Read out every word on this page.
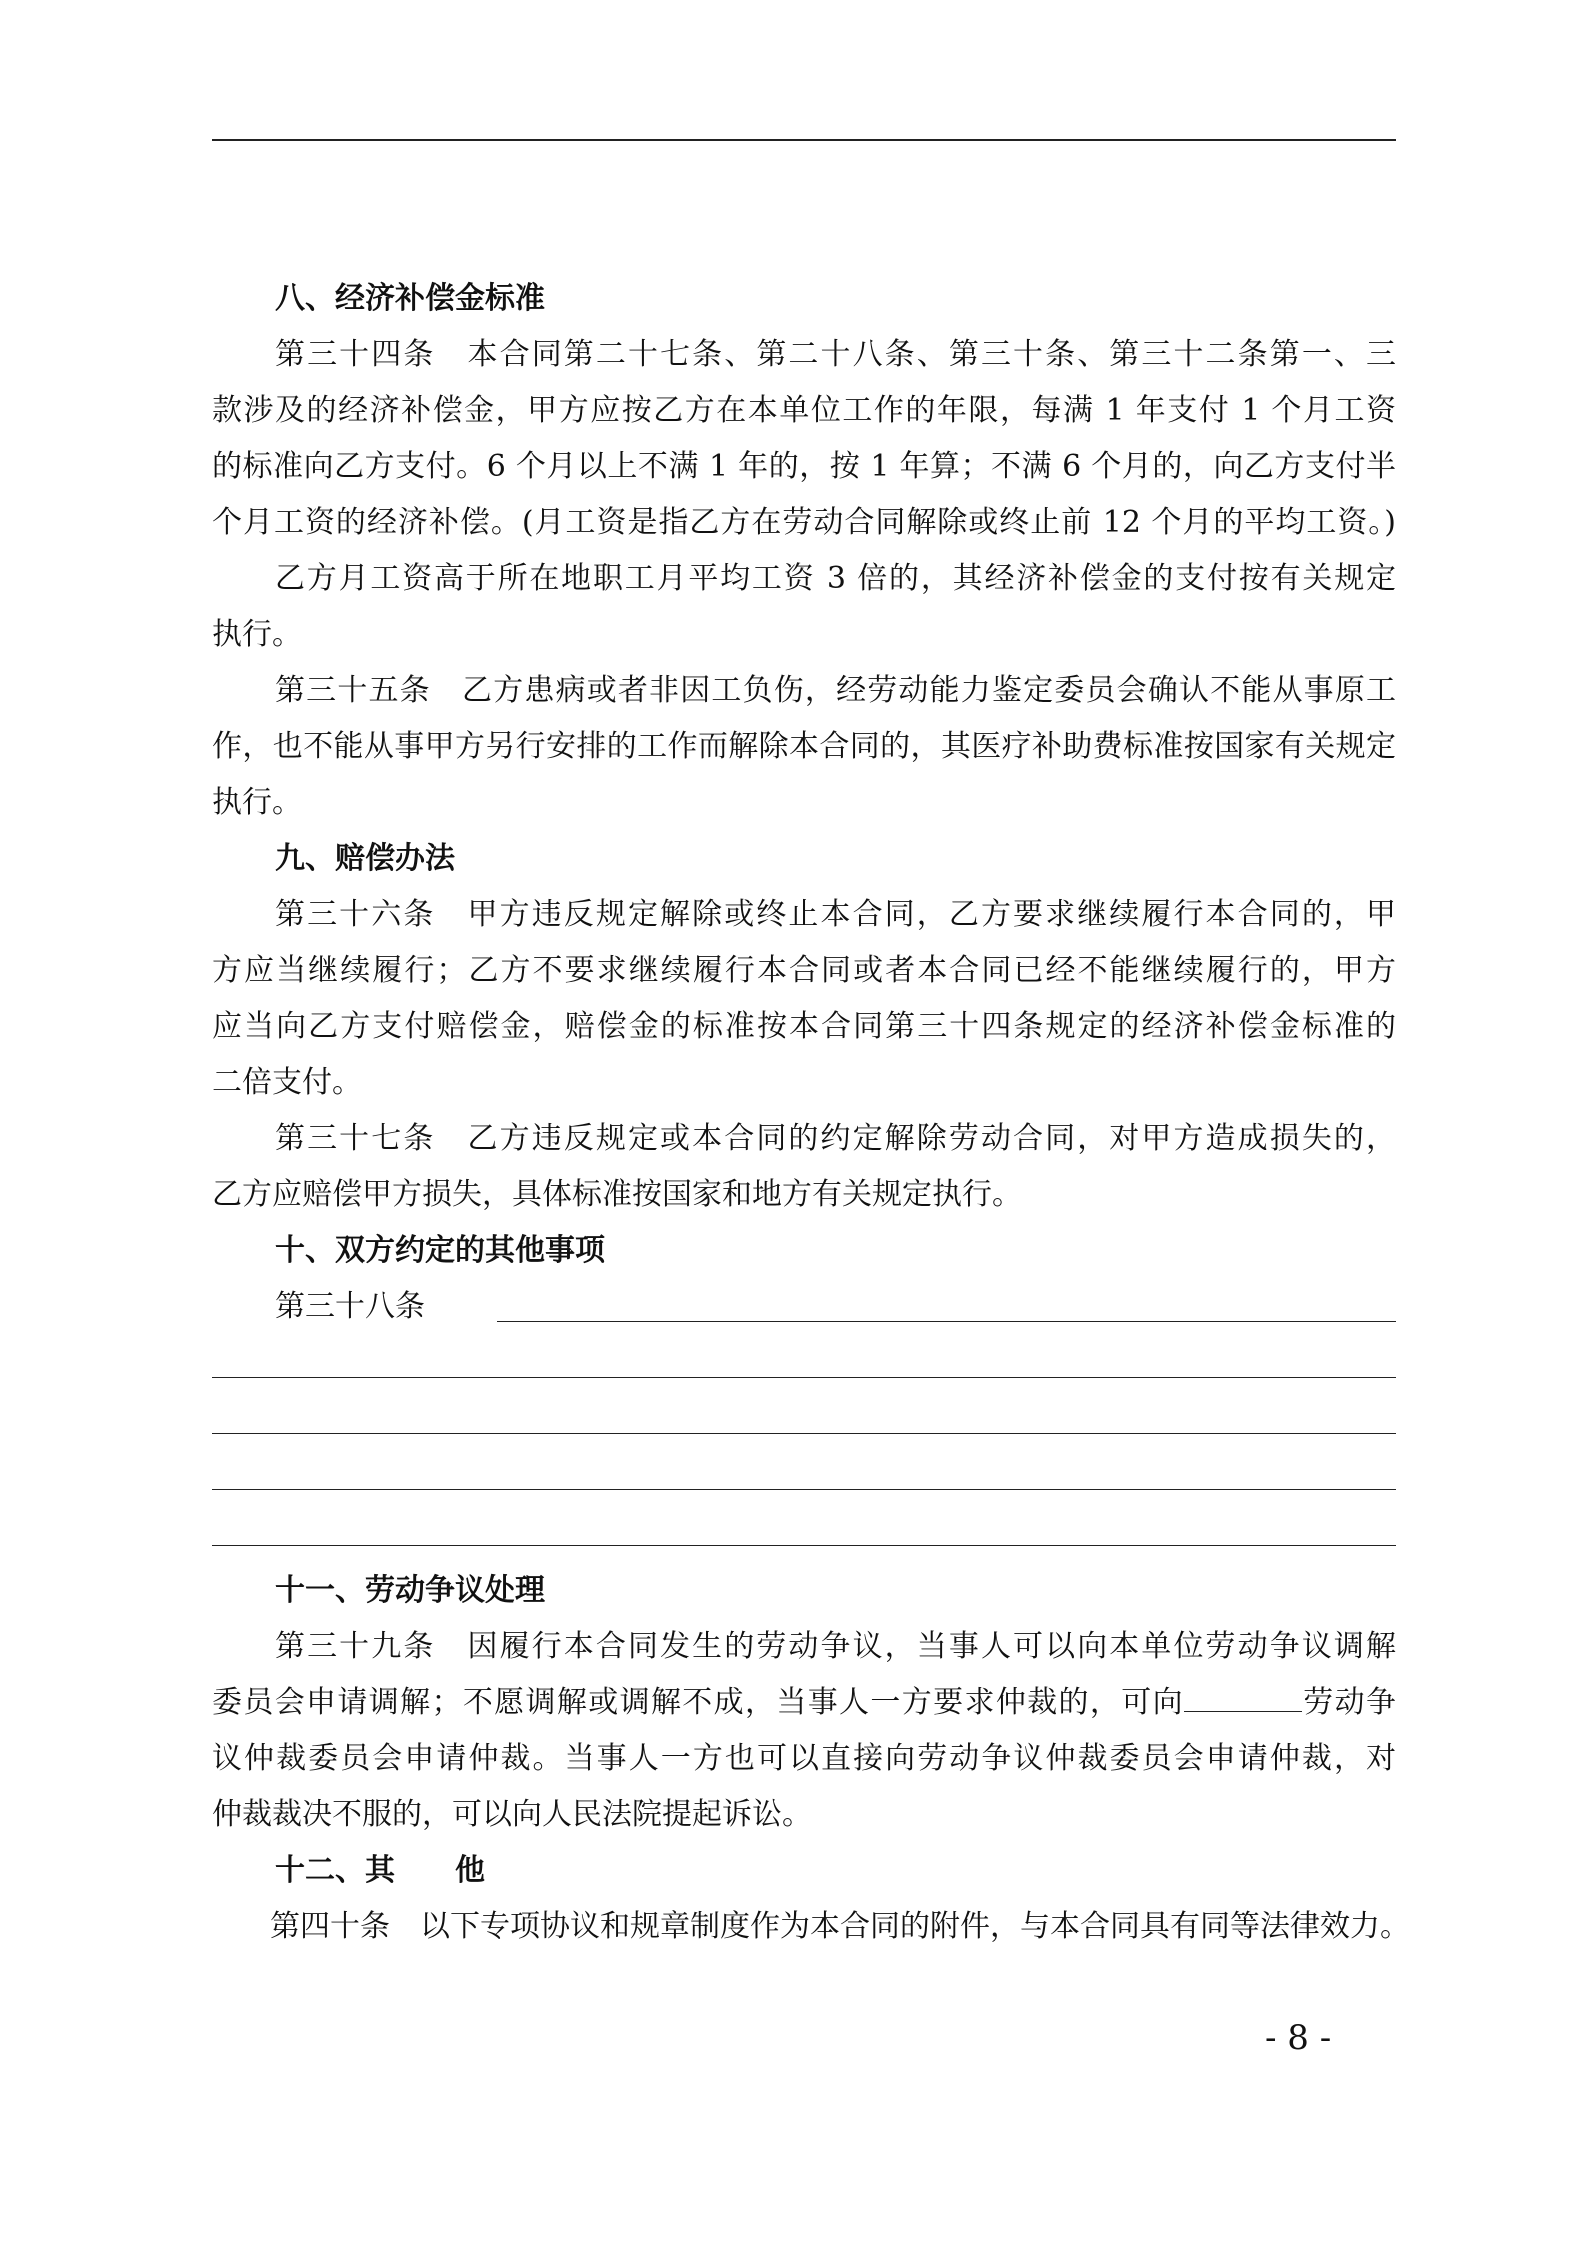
八、经济补偿金标准
第三十四条　本合同第二十七条、第二十八条、第三十条、第三十二条第一、三
款涉及的经济补偿金，甲方应按乙方在本单位工作的年限，每满 1 年支付 1 个月工资
的标准向乙方支付。6 个月以上不满 1 年的，按 1 年算；不满 6 个月的，向乙方支付半
个月工资的经济补偿。(月工资是指乙方在劳动合同解除或终止前 12 个月的平均工资。)
乙方月工资高于所在地职工月平均工资 3 倍的，其经济补偿金的支付按有关规定
执行。
第三十五条　乙方患病或者非因工负伤，经劳动能力鉴定委员会确认不能从事原工
作，也不能从事甲方另行安排的工作而解除本合同的，其医疗补助费标准按国家有关规定
执行。
九、赔偿办法
第三十六条　甲方违反规定解除或终止本合同，乙方要求继续履行本合同的，甲
方应当继续履行；乙方不要求继续履行本合同或者本合同已经不能继续履行的，甲方
应当向乙方支付赔偿金，赔偿金的标准按本合同第三十四条规定的经济补偿金标准的
二倍支付。
第三十七条　乙方违反规定或本合同的约定解除劳动合同，对甲方造成损失的，
乙方应赔偿甲方损失，具体标准按国家和地方有关规定执行。
十、双方约定的其他事项
第三十八条
十一、劳动争议处理
第三十九条　因履行本合同发生的劳动争议，当事人可以向本单位劳动争议调解
委员会申请调解；不愿调解或调解不成，当事人一方要求仲裁的，可向	劳动争
议仲裁委员会申请仲裁。当事人一方也可以直接向劳动争议仲裁委员会申请仲裁，对
仲裁裁决不服的，可以向人民法院提起诉讼。
十二、其　　他
第四十条　以下专项协议和规章制度作为本合同的附件，与本合同具有同等法律效力。
- 8 -
